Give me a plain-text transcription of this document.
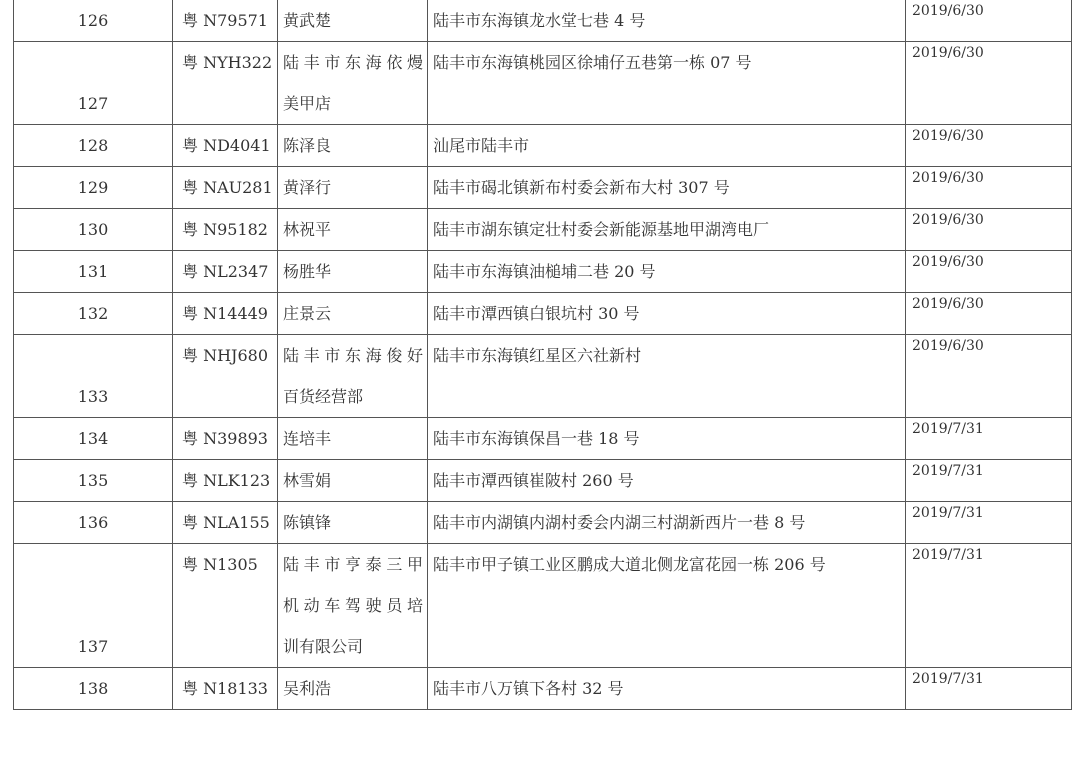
126	粤 N79571	黄武楚	陆丰市东海镇龙水堂七巷 4 号	2019/6/30
127	粤 NYH322	陆丰市东海依熳
美甲店	陆丰市东海镇桃园区徐埔仔五巷第一栋 07 号	2019/6/30
128	粤 ND4041	陈泽良	汕尾市陆丰市	2019/6/30
129	粤 NAU281	黄泽行	陆丰市碣北镇新布村委会新布大村 307 号	2019/6/30
130	粤 N95182	林祝平	陆丰市湖东镇定壮村委会新能源基地甲湖湾电厂	2019/6/30
131	粤 NL2347	杨胜华	陆丰市东海镇油槌埔二巷 20 号	2019/6/30
132	粤 N14449	庄景云	陆丰市潭西镇白银坑村 30 号	2019/6/30
133	粤 NHJ680	陆丰市东海俊好
百货经营部	陆丰市东海镇红星区六社新村	2019/6/30
134	粤 N39893	连培丰	陆丰市东海镇保昌一巷 18 号	2019/7/31
135	粤 NLK123	林雪娟	陆丰市潭西镇崔陂村 260 号	2019/7/31
136	粤 NLA155	陈镇锋	陆丰市内湖镇内湖村委会内湖三村湖新西片一巷 8 号	2019/7/31
137	粤 N1305	陆丰市亨泰三甲
机动车驾驶员培
训有限公司	陆丰市甲子镇工业区鹏成大道北侧龙富花园一栋 206 号	2019/7/31
138	粤 N18133	吴利浩	陆丰市八万镇下各村 32 号	2019/7/31
